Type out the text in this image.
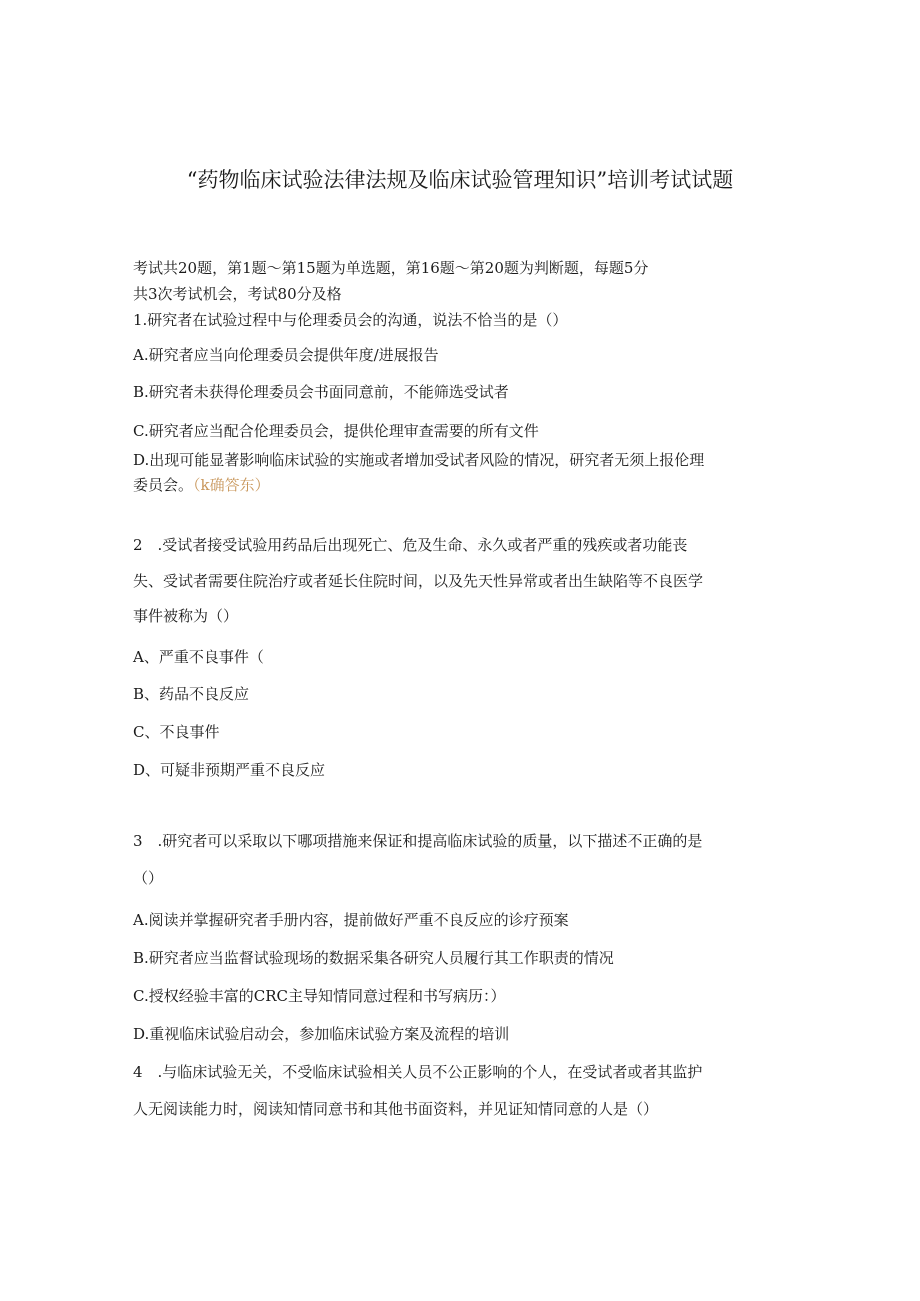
“药物临床试验法律法规及临床试验管理知识”培训考试试题
考试共20题，第1题～第15题为单选题，第16题～第20题为判断题，每题5分
共3次考试机会，考试80分及格
1.研究者在试验过程中与伦理委员会的沟通，说法不恰当的是（）
A.研究者应当向伦理委员会提供年度/进展报告
B.研究者未获得伦理委员会书面同意前，不能筛选受试者
C.研究者应当配合伦理委员会，提供伦理审查需要的所有文件
D.出现可能显著影响临床试验的实施或者增加受试者风险的情况，研究者无须上报伦理
委员会。（k确答东）
2　.受试者接受试验用药品后出现死亡、危及生命、永久或者严重的残疾或者功能丧
失、受试者需要住院治疗或者延长住院时间，以及先天性异常或者出生缺陷等不良医学
事件被称为（）
A、严重不良事件（
B、药品不良反应
C、不良事件
D、可疑非预期严重不良反应
3　.研究者可以采取以下哪项措施来保证和提高临床试验的质量，以下描述不正确的是
（）
A.阅读并掌握研究者手册内容，提前做好严重不良反应的诊疗预案
B.研究者应当监督试验现场的数据采集各研究人员履行其工作职责的情况
C.授权经验丰富的CRC主导知情同意过程和书写病历：）
D.重视临床试验启动会，参加临床试验方案及流程的培训
4　.与临床试验无关，不受临床试验相关人员不公正影响的个人，在受试者或者其监护
人无阅读能力时，阅读知情同意书和其他书面资料，并见证知情同意的人是（）
